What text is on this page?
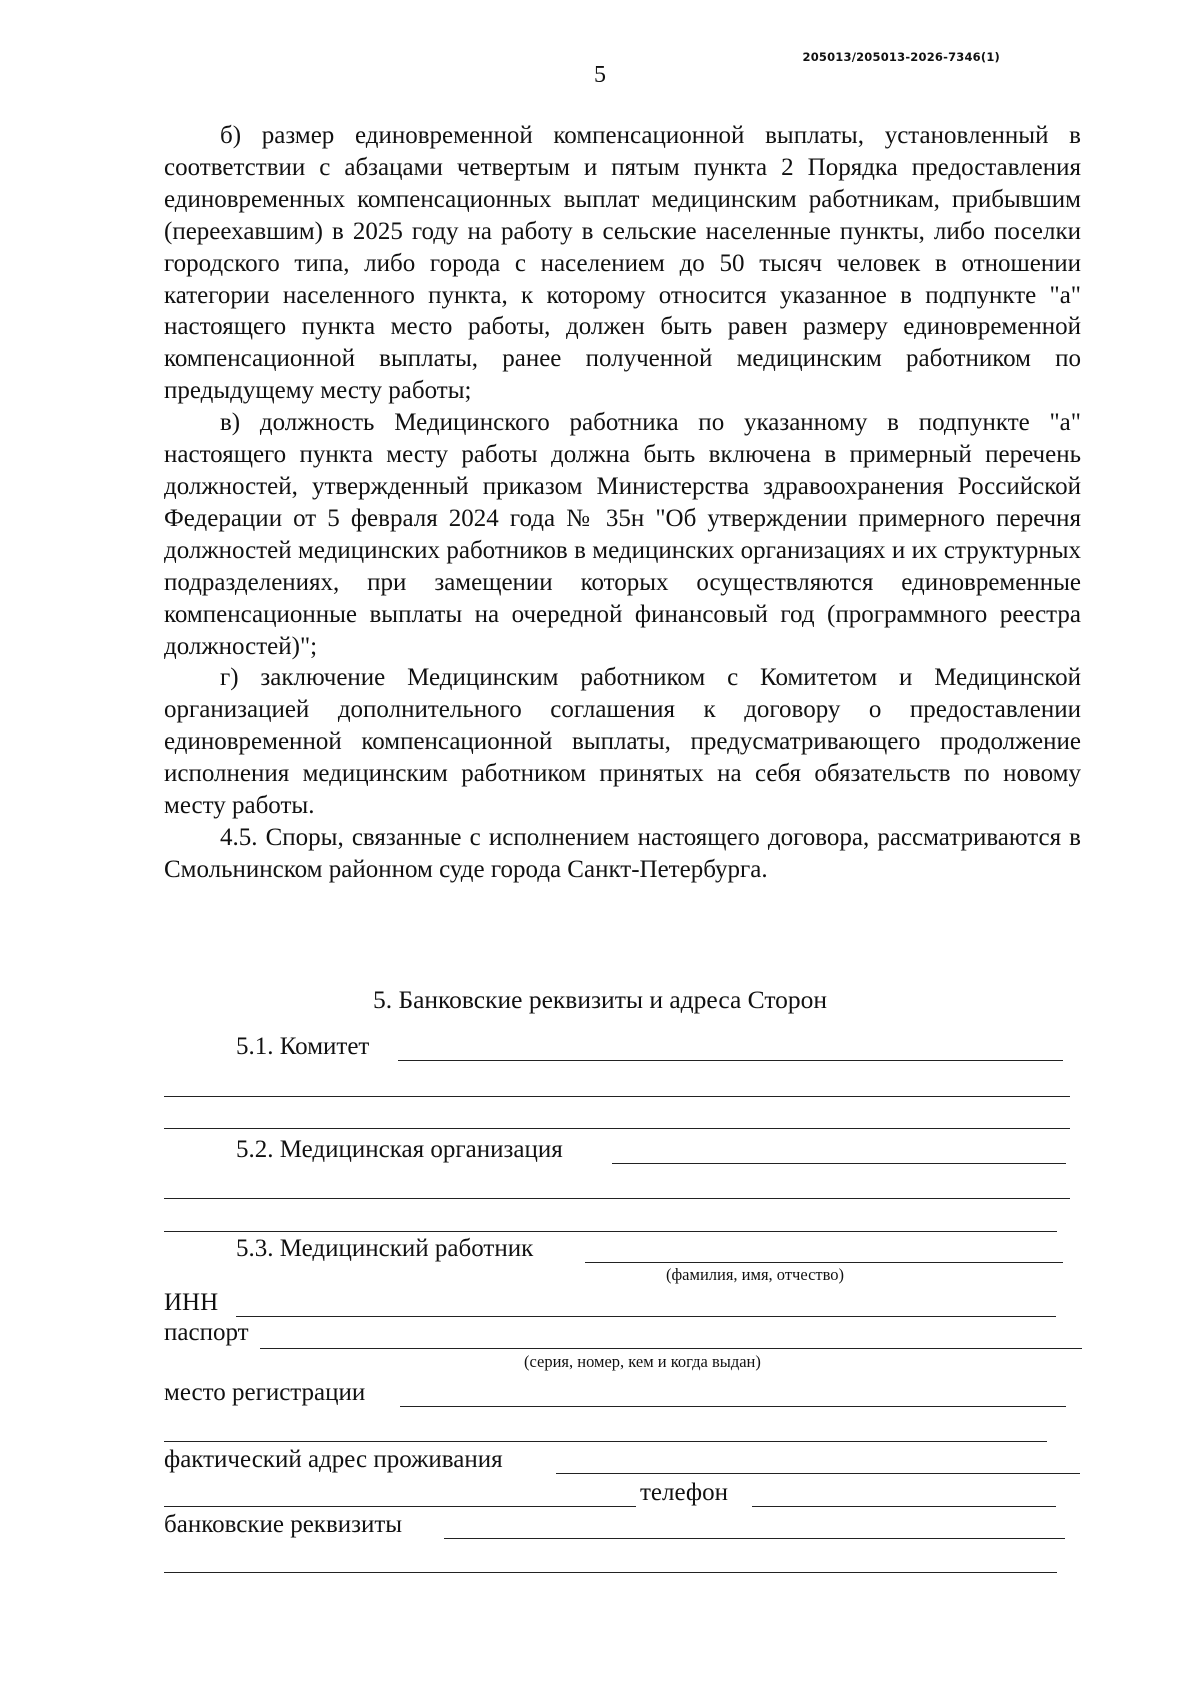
205013/205013-2026-7346(1)
5

б) размер единовременной компенсационной выплаты, установленный в соответствии с абзацами четвертым и пятым пункта 2 Порядка предоставления единовременных компенсационных выплат медицинским работникам, прибывшим (переехавшим) в 2025 году на работу в сельские населенные пункты, либо поселки городского типа, либо города с населением до 50 тысяч человек в отношении категории населенного пункта, к которому относится указанное в подпункте "а" настоящего пункта место работы, должен быть равен размеру единовременной компенсационной выплаты, ранее полученной медицинским работником по предыдущему месту работы;

в) должность Медицинского работника по указанному в подпункте "а" настоящего пункта месту работы должна быть включена в примерный перечень должностей, утвержденный приказом Министерства здравоохранения Российской Федерации от 5 февраля 2024 года № 35н "Об утверждении примерного перечня должностей медицинских работников в медицинских организациях и их структурных подразделениях, при замещении которых осуществляются единовременные компенсационные выплаты на очередной финансовый год (программного реестра должностей)";

г) заключение Медицинским работником с Комитетом и Медицинской организацией дополнительного соглашения к договору о предоставлении единовременной компенсационной выплаты, предусматривающего продолжение исполнения медицинским работником принятых на себя обязательств по новому месту работы.

4.5. Споры, связанные с исполнением настоящего договора, рассматриваются в Смольнинском районном суде города Санкт-Петербурга.

5. Банковские реквизиты и адреса Сторон
5.1. Комитет
5.2. Медицинская организация
5.3. Медицинский работник
(фамилия, имя, отчество)
ИНН
паспорт
(серия, номер, кем и когда выдан)
место регистрации
фактический адрес проживания
телефон
банковские реквизиты
